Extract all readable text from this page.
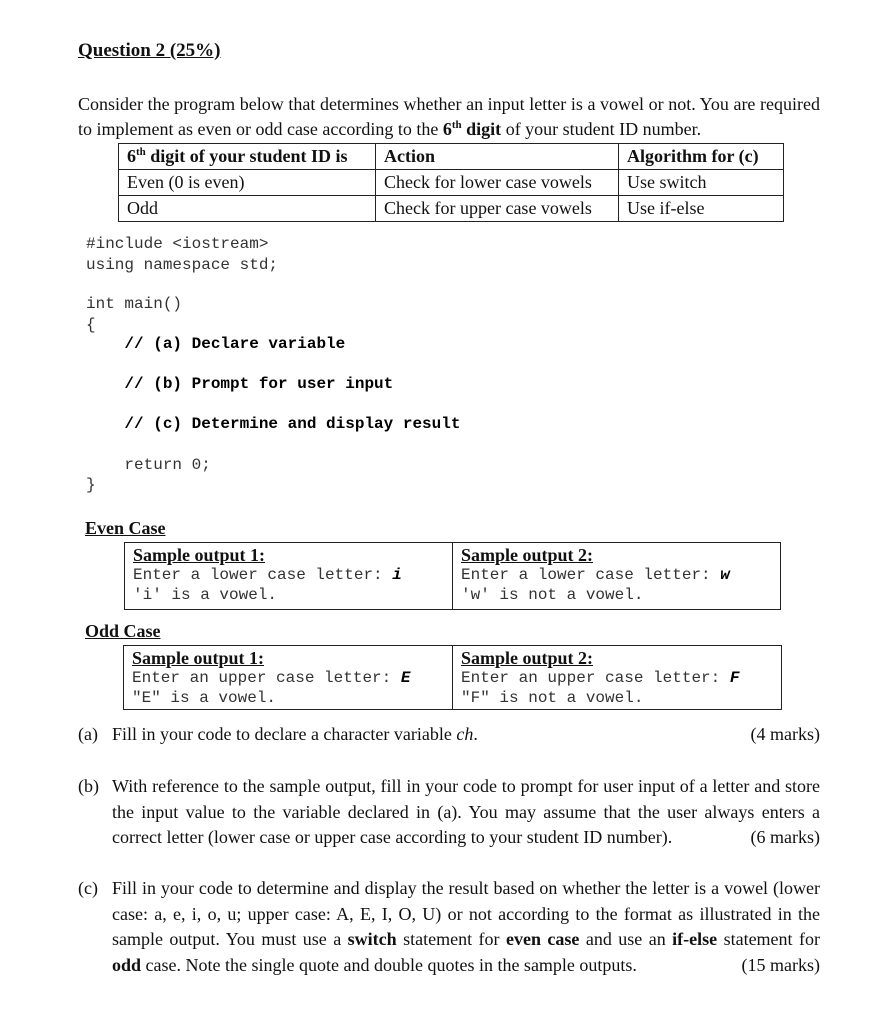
Question 2 (25%)
Consider the program below that determines whether an input letter is a vowel or not. You are required to implement as even or odd case according to the 6th digit of your student ID number.
6th digit of your student ID is	Action	Algorithm for (c)
Even (0 is even)	Check for lower case vowels	Use switch
Odd	Check for upper case vowels	Use if-else
#include <iostream>
using namespace std;
int main()
{
// (a) Declare variable
// (b) Prompt for user input
// (c) Determine and display result
return 0;
}
Even Case
Sample output 1:
Enter a lower case letter: i
'i' is a vowel.
Sample output 2:
Enter a lower case letter: w
'w' is not a vowel.
Odd Case
Sample output 1:
Enter an upper case letter: E
"E" is a vowel.
Sample output 2:
Enter an upper case letter: F
"F" is not a vowel.
(a)	(4 marks)
Fill in your code to declare a character variable ch.
(b) With reference to the sample output, fill in your code to prompt for user input of a letter and store the input value to the variable declared in (a). You may assume that the user always enters a correct letter (lower case or upper case according to your student ID number).	(6 marks)
(c) Fill in your code to determine and display the result based on whether the letter is a vowel (lower case: a, e, i, o, u; upper case: A, E, I, O, U) or not according to the format as illustrated in the sample output. You must use a switch statement for even case and use an if-else statement for odd case. Note the single quote and double quotes in the sample outputs.	(15 marks)
